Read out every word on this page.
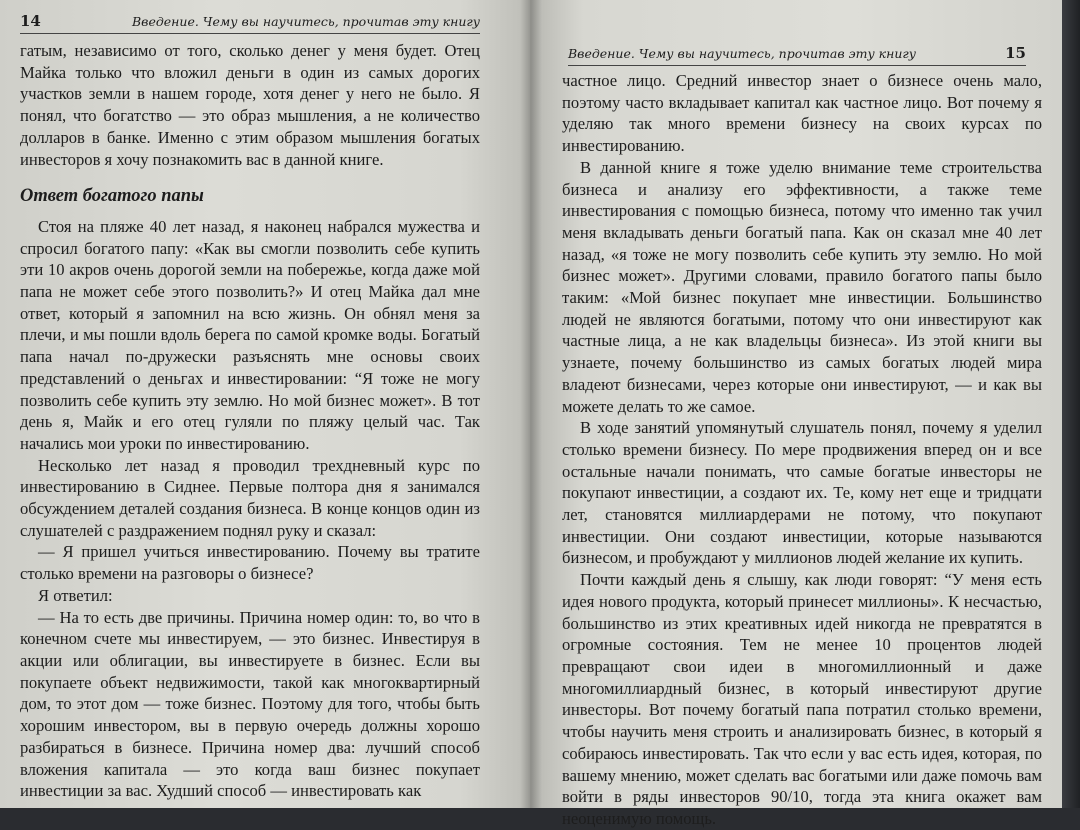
14	Введение. Чему вы научитесь, прочитав эту книгу

гатым, независимо от того, сколько денег у меня будет. Отец Майка только что вложил деньги в один из самых дорогих участков земли в нашем городе, хотя денег у него не было. Я понял, что богатство — это образ мышления, а не количество долларов в банке. Именно с этим образом мышления богатых инвесторов я хочу познакомить вас в данной книге.

Ответ богатого папы

Стоя на пляже 40 лет назад, я наконец набрался мужества и спросил богатого папу: «Как вы смогли позволить себе купить эти 10 акров очень дорогой земли на побережье, когда даже мой папа не может себе этого позволить?» И отец Майка дал мне ответ, который я запомнил на всю жизнь. Он обнял меня за плечи, и мы пошли вдоль берега по самой кромке воды. Богатый папа начал по-дружески разъяснять мне основы своих представлений о деньгах и инвестировании: “Я тоже не могу позволить себе купить эту землю. Но мой бизнес может». В тот день я, Майк и его отец гуляли по пляжу целый час. Так начались мои уроки по инвестированию.

Несколько лет назад я проводил трехдневный курс по инвестированию в Сиднее. Первые полтора дня я занимался обсуждением деталей создания бизнеса. В конце концов один из слушателей с раздражением поднял руку и сказал:

— Я пришел учиться инвестированию. Почему вы тратите столько времени на разговоры о бизнесе?

Я ответил:

— На то есть две причины. Причина номер один: то, во что в конечном счете мы инвестируем, — это бизнес. Инвестируя в акции или облигации, вы инвестируете в бизнес. Если вы покупаете объект недвижимости, такой как многоквартирный дом, то этот дом — тоже бизнес. Поэтому для того, чтобы быть хорошим инвестором, вы в первую очередь должны хорошо разбираться в бизнесе. Причина номер два: лучший способ вложения капитала — это когда ваш бизнес покупает инвестиции за вас. Худший способ — инвестировать как

Введение. Чему вы научитесь, прочитав эту книгу	15

частное лицо. Средний инвестор знает о бизнесе очень мало, поэтому часто вкладывает капитал как частное лицо. Вот почему я уделяю так много времени бизнесу на своих курсах по инвестированию.

В данной книге я тоже уделю внимание теме строительства бизнеса и анализу его эффективности, а также теме инвестирования с помощью бизнеса, потому что именно так учил меня вкладывать деньги богатый папа. Как он сказал мне 40 лет назад, «я тоже не могу позволить себе купить эту землю. Но мой бизнес может». Другими словами, правило богатого папы было таким: «Мой бизнес покупает мне инвестиции. Большинство людей не являются богатыми, потому что они инвестируют как частные лица, а не как владельцы бизнеса». Из этой книги вы узнаете, почему большинство из самых богатых людей мира владеют бизнесами, через которые они инвестируют, — и как вы можете делать то же самое.

В ходе занятий упомянутый слушатель понял, почему я уделил столько времени бизнесу. По мере продвижения вперед он и все остальные начали понимать, что самые богатые инвесторы не покупают инвестиции, а создают их. Те, кому нет еще и тридцати лет, становятся миллиардерами не потому, что покупают инвестиции. Они создают инвестиции, которые называются бизнесом, и пробуждают у миллионов людей желание их купить.

Почти каждый день я слышу, как люди говорят: “У меня есть идея нового продукта, который принесет миллионы». К несчастью, большинство из этих креативных идей никогда не превратятся в огромные состояния. Тем не менее 10 процентов людей превращают свои идеи в многомиллионный и даже многомиллиардный бизнес, в который инвестируют другие инвесторы. Вот почему богатый папа потратил столько времени, чтобы научить меня строить и анализировать бизнес, в который я собираюсь инвестировать. Так что если у вас есть идея, которая, по вашему мнению, может сделать вас богатыми или даже помочь вам войти в ряды инвесторов 90/10, тогда эта книга окажет вам неоценимую помощь.
